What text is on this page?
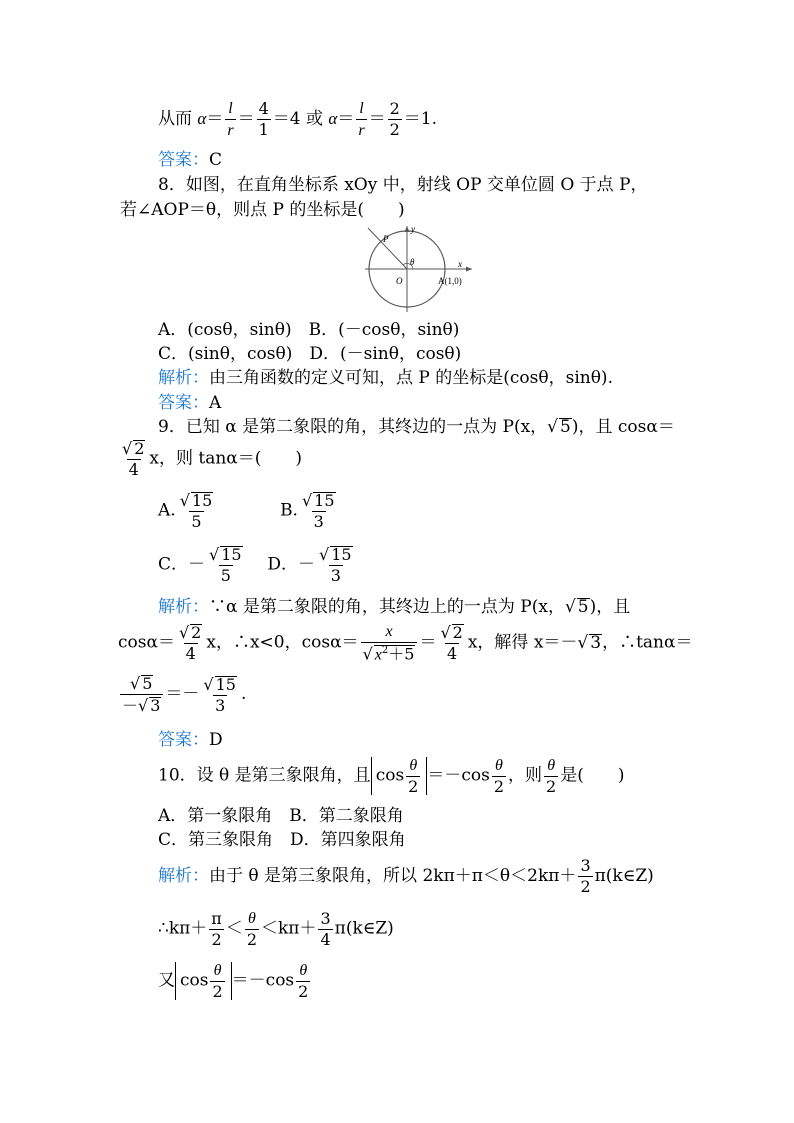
从而 $\alpha= \frac{l}{r} = \frac{4}{1} =4$ 或 $\alpha= \frac{l}{r} = \frac{2}{2} =1$.
答案：C
8．如图，在直角坐标系 xOy 中，射线 OP 交单位圆 O 于点 P，
若∠AOP＝θ，则点 P 的坐标是(　　)
x
y
P
θ
O	A(1,0)
A．(cosθ，sinθ)　 B．(－cosθ，sinθ)
C．(sinθ，cosθ)　 D．(－sinθ，cosθ)
解析：由三角函数的定义可知，点 P 的坐标是(cosθ，sinθ).
答案：A
9．已知 α 是第二象限的角，其终边的一点为 P(x，√ 5)，且 cosα＝
$\frac{√ 2}{4}$ x，则 tanα＝(　　)
A. $\frac{√ 15}{5}$	B. $\frac{√ 15}{3}$
C．－ $\frac{√ 15}{5}$ D．－ $\frac{√ 15}{3}$
解析：∵α 是第二象限的角，其终边上的一点为 P(x，√ 5)，且
$\cos\alpha= \frac{√ 2}{4}$ x，∴x<0，$\cos\alpha= \frac{x}{√ x^2+5} = \frac{√ 2}{4}$ x，解得 x＝－√ 3，∴tanα＝
$\frac{√ 5}{-√ 3} =- \frac{√ 15}{3}$ .
答案：D
10．设 θ 是第三象限角，且 $\cos \frac{\theta}{2} =-\cos \frac{\theta}{2}$ ，则 $\frac{\theta}{2}$ 是(　　)
A．第一象限角　 B．第二象限角
C．第三象限角　 D．第四象限角
解析：由于 θ 是第三象限角，所以 $2k\pi+\pi<\theta<2k\pi+ \frac{3}{2}$ π(k∈Z)
∴kπ＋ $\frac{\pi}{2} < \frac{\theta}{2} <k\pi+ \frac{3}{4}$ π(k∈Z)
又 $\cos \frac{\theta}{2} =-\cos \frac{\theta}{2}$
